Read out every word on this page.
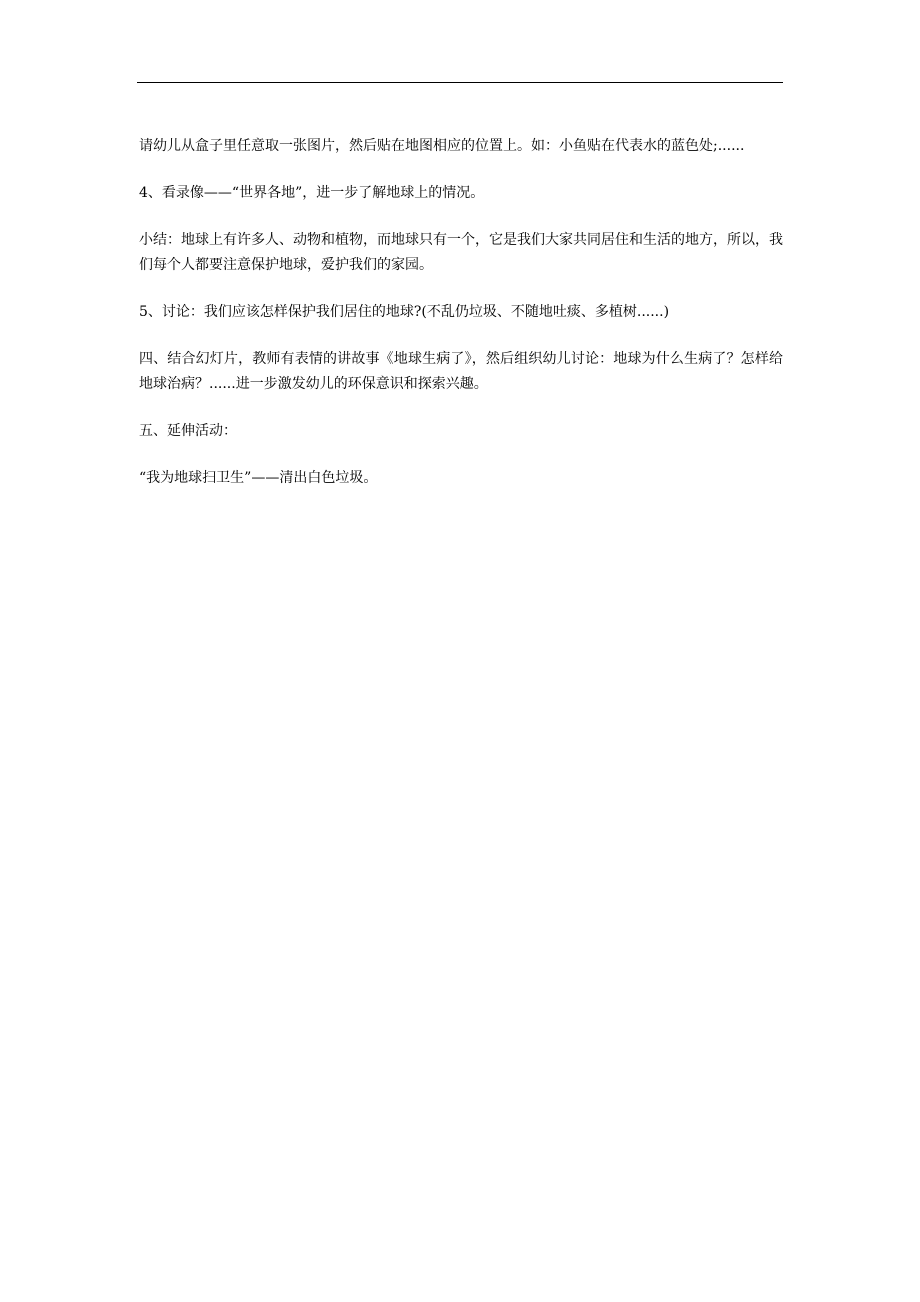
请幼儿从盒子里任意取一张图片，然后贴在地图相应的位置上。如：小鱼贴在代表水的蓝色处;......

4、看录像——“世界各地”，进一步了解地球上的情况。

小结：地球上有许多人、动物和植物，而地球只有一个，它是我们大家共同居住和生活的地方，所以，我们每个人都要注意保护地球，爱护我们的家园。

5、讨论：我们应该怎样保护我们居住的地球?(不乱仍垃圾、不随地吐痰、多植树......)

四、结合幻灯片，教师有表情的讲故事《地球生病了》，然后组织幼儿讨论：地球为什么生病了？怎样给地球治病？......进一步激发幼儿的环保意识和探索兴趣。

五、延伸活动：

“我为地球扫卫生”——清出白色垃圾。
